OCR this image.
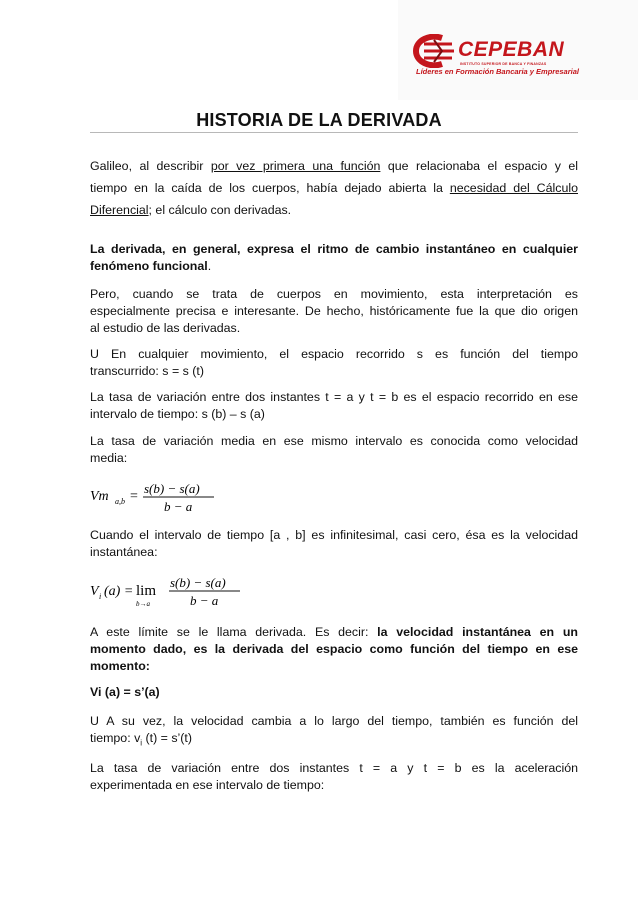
CEPEBAN
INSTITUTO SUPERIOR DE BANCA Y FINANZAS
Líderes en Formación Bancaria y Empresarial
HISTORIA DE LA DERIVADA
Galileo, al describir por vez primera una función que relacionaba el espacio y el
tiempo en la caída de los cuerpos, había dejado abierta la necesidad del Cálculo
Diferencial; el cálculo con derivadas.
La derivada, en general, expresa el ritmo de cambio instantáneo en cualquier
fenómeno funcional.
Pero, cuando se trata de cuerpos en movimiento, esta interpretación es
especialmente precisa e interesante. De hecho, históricamente fue la que dio origen
al estudio de las derivadas.
U En cualquier movimiento, el espacio recorrido s es función del tiempo
transcurrido: s = s (t)
La tasa de variación entre dos instantes t = a y t = b es el espacio recorrido en ese
intervalo de tiempo: s (b) – s (a)
La tasa de variación media en ese mismo intervalo es conocida como velocidad
media:
Vm a,b =
s(b) − s(a)
b − a
Cuando el intervalo de tiempo [a , b] es infinitesimal, casi cero, ésa es la velocidad
instantánea:
V i (a) = lim
b→a
s(b) − s(a)
b − a
A este límite se le llama derivada. Es decir: la velocidad instantánea en un
momento dado, es la derivada del espacio como función del tiempo en ese
momento:
Vi (a) = s’(a)
U A su vez, la velocidad cambia a lo largo del tiempo, también es función del
tiempo: $v_i$ (t) = s’(t)
La tasa de variación entre dos instantes t = a y t = b es la aceleración
experimentada en ese intervalo de tiempo:
